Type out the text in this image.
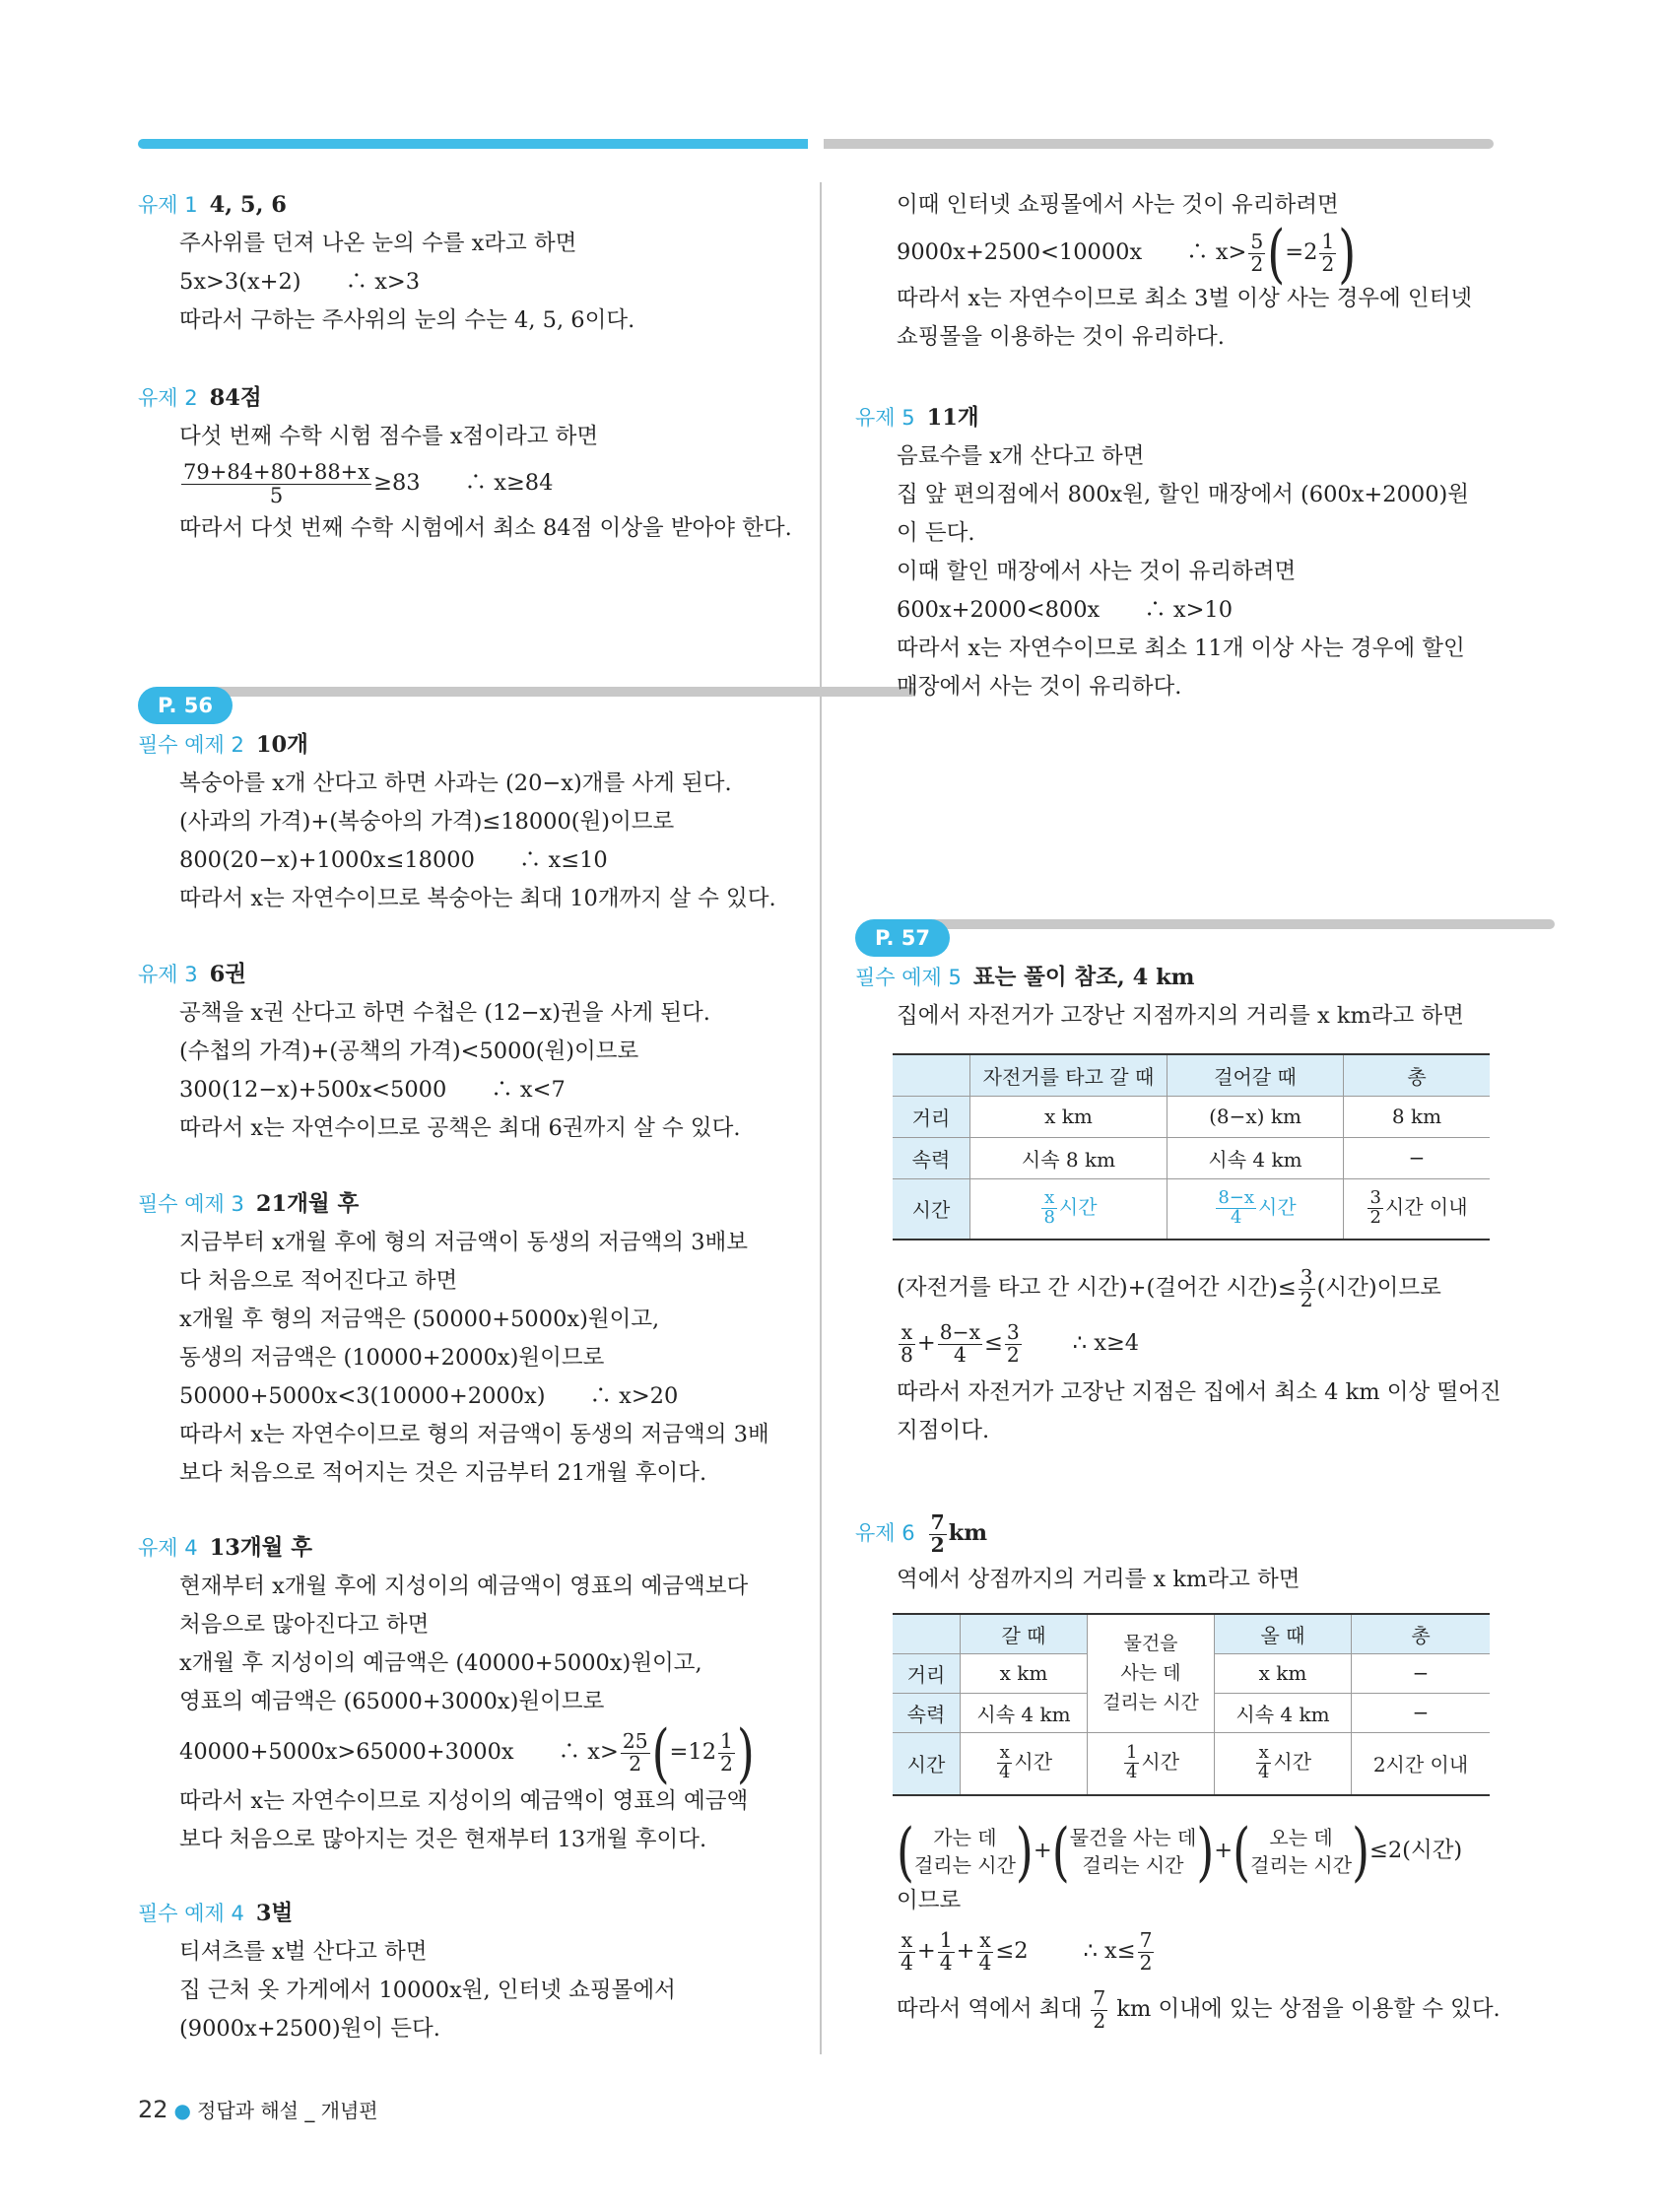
유제 1 4, 5, 6
주사위를 던져 나온 눈의 수를 x라고 하면
5x>3(x+2)　　∴ x>3
따라서 구하는 주사위의 눈의 수는 4, 5, 6이다.
유제 2 84점
다섯 번째 수학 시험 점수를 x점이라고 하면
$\frac{79+84+80+88+x}{5} \ge 83$　　∴ x≥84
따라서 다섯 번째 수학 시험에서 최소 84점 이상을 받아야 한다.
P. 56
필수 예제 2 10개
복숭아를 x개 산다고 하면 사과는 (20−x)개를 사게 된다.
(사과의 가격)+(복숭아의 가격)≤18000(원)이므로
800(20−x)+1000x≤18000　　∴ x≤10
따라서 x는 자연수이므로 복숭아는 최대 10개까지 살 수 있다.
유제 3 6권
공책을 x권 산다고 하면 수첩은 (12−x)권을 사게 된다.
(수첩의 가격)+(공책의 가격)<5000(원)이므로
300(12−x)+500x<5000　　∴ x<7
따라서 x는 자연수이므로 공책은 최대 6권까지 살 수 있다.
필수 예제 3 21개월 후
지금부터 x개월 후에 형의 저금액이 동생의 저금액의 3배보
다 처음으로 적어진다고 하면
x개월 후 형의 저금액은 (50000+5000x)원이고,
동생의 저금액은 (10000+2000x)원이므로
50000+5000x<3(10000+2000x)　　∴ x>20
따라서 x는 자연수이므로 형의 저금액이 동생의 저금액의 3배
보다 처음으로 적어지는 것은 지금부터 21개월 후이다.
유제 4 13개월 후
현재부터 x개월 후에 지성이의 예금액이 영표의 예금액보다
처음으로 많아진다고 하면
x개월 후 지성이의 예금액은 (40000+5000x)원이고,
영표의 예금액은 (65000+3000x)원이므로
40000+5000x>65000+3000x　　∴ $x> \frac{25}{2} (=12 \frac{1}{2}$ )
따라서 x는 자연수이므로 지성이의 예금액이 영표의 예금액
보다 처음으로 많아지는 것은 현재부터 13개월 후이다.
필수 예제 4 3벌
티셔츠를 x벌 산다고 하면
집 근처 옷 가게에서 10000x원, 인터넷 쇼핑몰에서
(9000x+2500)원이 든다.
이때 인터넷 쇼핑몰에서 사는 것이 유리하려면
9000x+2500<10000x　　∴ $x> \frac{5}{2} (=2 \frac{1}{2}$ )
따라서 x는 자연수이므로 최소 3벌 이상 사는 경우에 인터넷
쇼핑몰을 이용하는 것이 유리하다.
유제 5 11개
음료수를 x개 산다고 하면
집 앞 편의점에서 800x원, 할인 매장에서 (600x+2000)원
이 든다.
이때 할인 매장에서 사는 것이 유리하려면
600x+2000<800x　　∴ x>10
따라서 x는 자연수이므로 최소 11개 이상 사는 경우에 할인
매장에서 사는 것이 유리하다.
P. 57
필수 예제 5 표는 풀이 참조, 4 km
집에서 자전거가 고장난 지점까지의 거리를 x km라고 하면
	자전거를 타고 갈 때	걸어갈 때	총
거리	x km	(8−x) km	8 km
속력	시속 8 km	시속 4 km	−
시간	$\frac{x}{8}$ 시간	$\frac{8-x}{4}$ 시간	$\frac{3}{2}$ 시간 이내
(자전거를 타고 간 시간)+(걸어간 시간)≤ $\frac{3}{2}$ (시간)이므로
$\frac{x}{8} + \frac{8-x}{4} \le \frac{3}{2}$ ∴ x≥4
따라서 자전거가 고장난 지점은 집에서 최소 4 km 이상 떨어진
지점이다.
유제 $6 \frac{7}{2}$ km
역에서 상점까지의 거리를 x km라고 하면
	갈 때	물건을
사는 데
걸리는 시간	올 때	총
거리	x km		x km	−
속력	시속 4 km		시속 4 km	−
시간	$\frac{x}{4}$ 시간	$\frac{1}{4}$ 시간	$\frac{x}{4}$ 시간	2시간 이내
( 가는 데
걸리는 시간 )+( 물건을 사는 데
걸리는 시간 )+( 오는 데
걸리는 시간 )≤2(시간)
이므로
$\frac{x}{4} + \frac{1}{4} + \frac{x}{4} \le 2$ ∴ $x\le \frac{7}{2}$
따라서 역에서 최대 $\frac{7}{2}$ km 이내에 있는 상점을 이용할 수 있다.
22 ● 정답과 해설 _ 개념편
